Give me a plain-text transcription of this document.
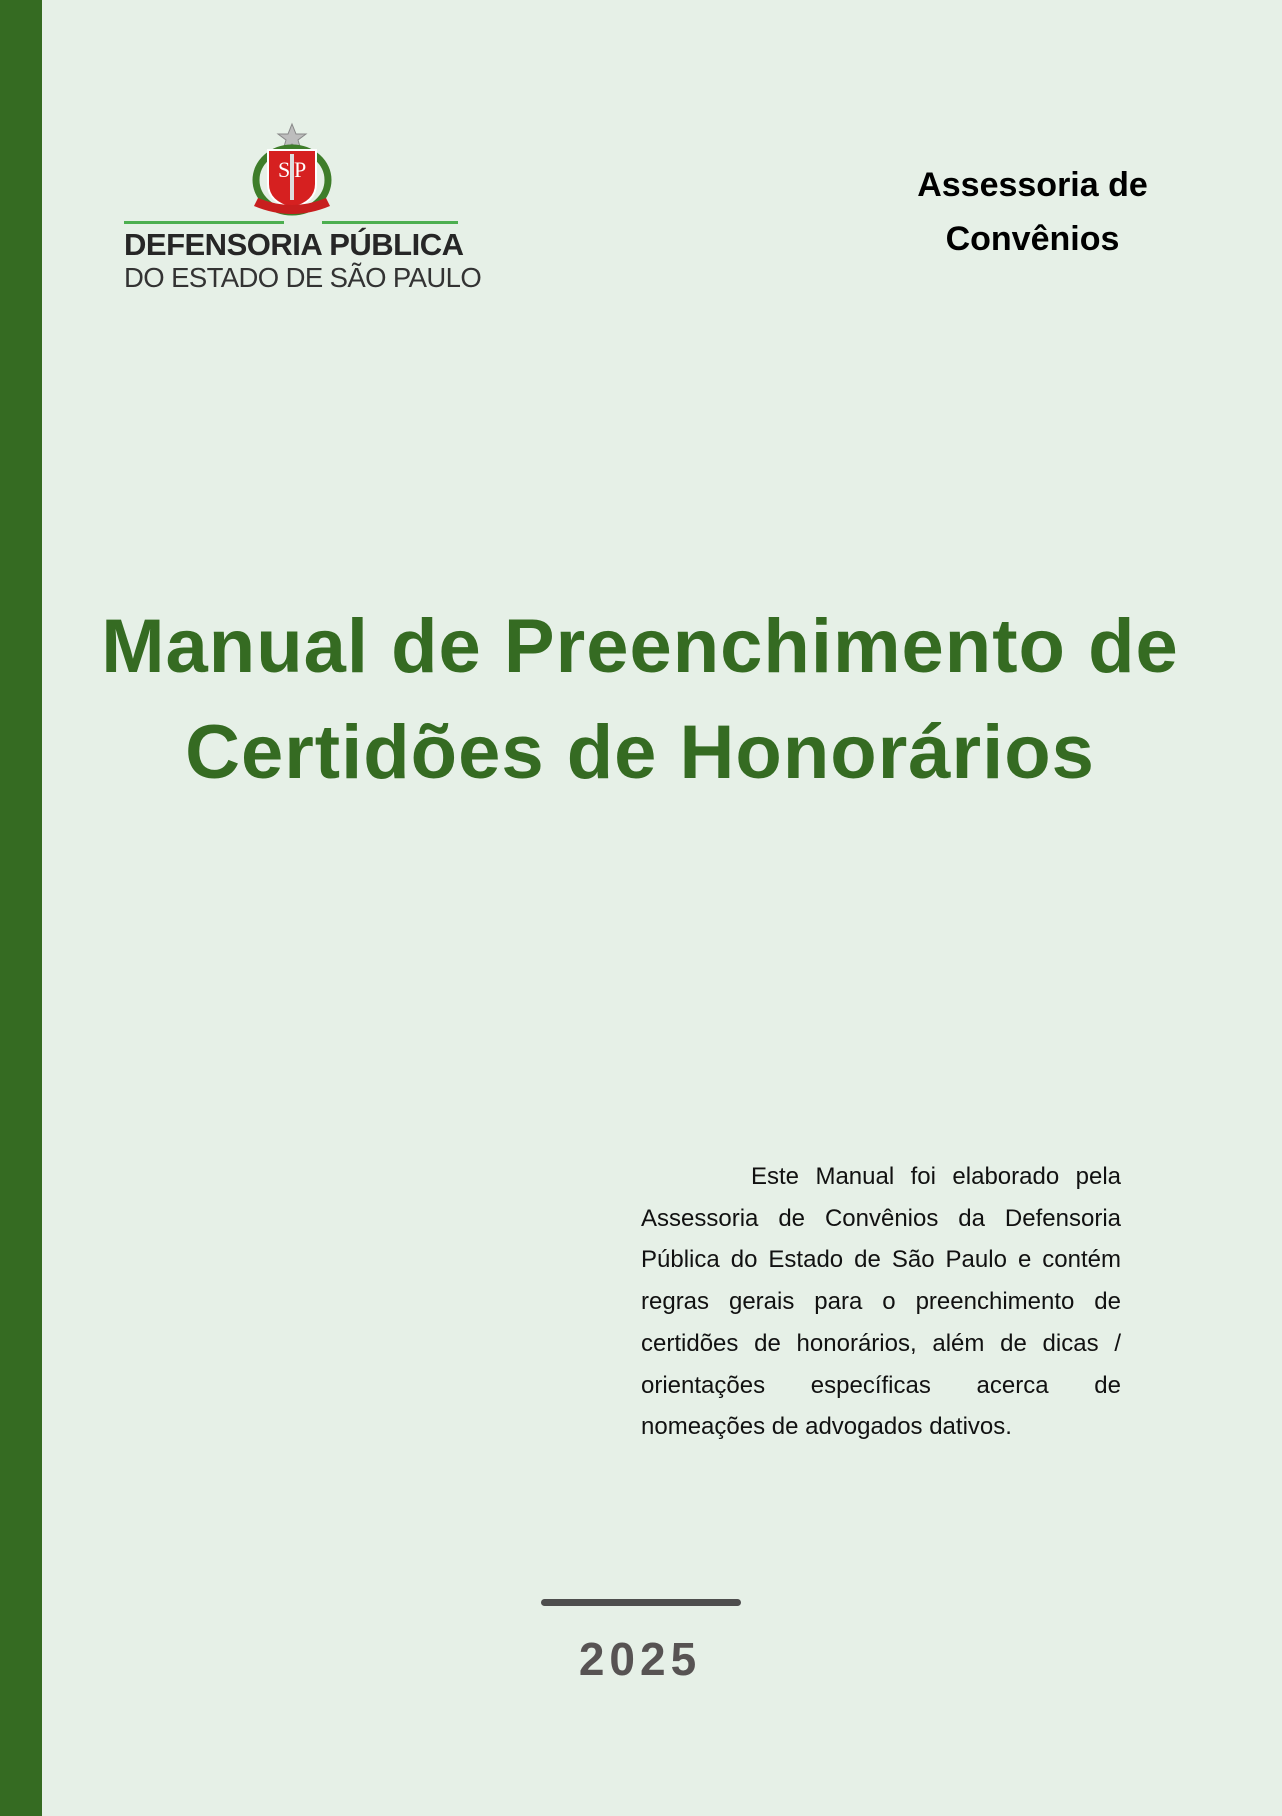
S P
DEFENSORIA PÚBLICA
DO ESTADO DE SÃO PAULO
Assessoria de Convênios
Manual de Preenchimento de Certidões de Honorários
Este Manual foi elaborado pela Assessoria de Convênios da Defensoria Pública do Estado de São Paulo e contém regras gerais para o preenchimento de certidões de honorários, além de dicas / orientações específicas acerca de nomeações de advogados dativos.
2025
